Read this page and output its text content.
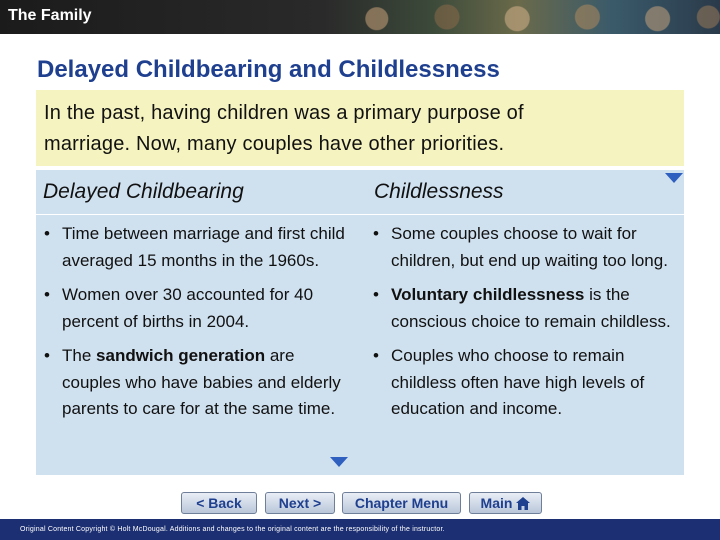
The Family
Delayed Childbearing and Childlessness
In the past, having children was a primary purpose of
marriage. Now, many couples have other priorities.
Delayed Childbearing	Childlessness
• Time between marriage and first child averaged 15 months in the 1960s.
• Women over 30 accounted for 40 percent of births in 2004.
• The sandwich generation are couples who have babies and elderly parents to care for at the same time.
• Some couples choose to wait for children, but end up waiting too long.
• Voluntary childlessness is the conscious choice to remain childless.
• Couples who choose to remain childless often have high levels of education and income.
< Back	Next >	Chapter Menu	Main
Original Content Copyright © Holt McDougal. Additions and changes to the original content are the responsibility of the instructor.
